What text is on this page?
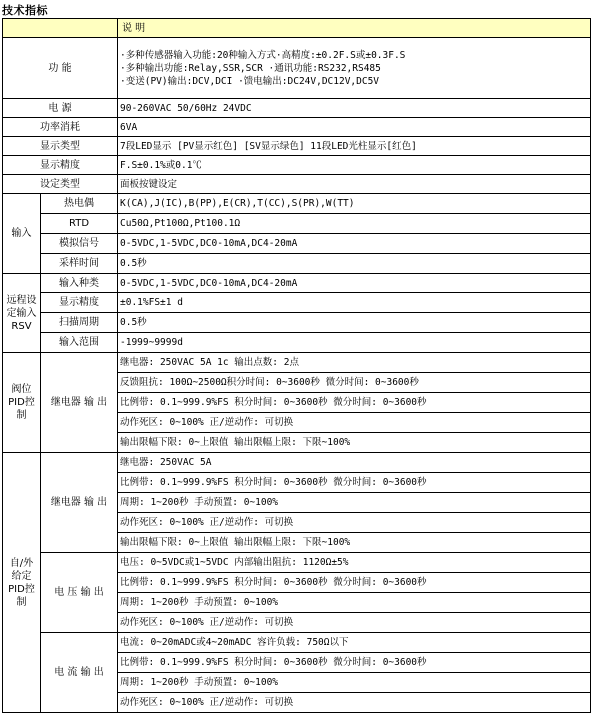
技术指标
		说 明
功 能		·多种传感器输入功能:20种输入方式·高精度:±0.2F.S或±0.3F.S
·多种输出功能:Relay,SSR,SCR ·通讯功能:RS232,RS485
·变送(PV)输出:DCV,DCI ·馈电输出:DC24V,DC12V,DC5V

电 源		90-260VAC 50/60Hz 24VDC
功率消耗		6VA
显示类型		7段LED显示 [PV显示红色] [SV显示绿色] 11段LED光柱显示[红色]
显示精度		F.S±0.1%或0.1℃
设定类型		面板按键设定
输入	热电偶	K(CA),J(IC),B(PP),E(CR),T(CC),S(PR),W(TT)
	RTD	Cu50Ω,Pt100Ω,Pt100.1Ω
	模拟信号	0-5VDC,1-5VDC,DC0-10mA,DC4-20mA
	采样时间	0.5秒
远程设定输入RSV	输入种类	0-5VDC,1-5VDC,DC0-10mA,DC4-20mA
	显示精度	±0.1%FS±1 d
	扫描周期	0.5秒
	输入范围	-1999~9999d
阀位PID控制	继电器 输 出	继电器: 250VAC 5A 1c 输出点数: 2点
		反馈阻抗: 100Ω~2500Ω积分时间: 0~3600秒 微分时间: 0~3600秒
		比例带: 0.1~999.9%FS 积分时间: 0~3600秒 微分时间: 0~3600秒
		动作死区: 0~100% 正/逆动作: 可切换
		输出限幅下限: 0~上限值 输出限幅上限: 下限~100%
自/外给定PID控制	继电器 输 出	继电器: 250VAC 5A
		比例带: 0.1~999.9%FS 积分时间: 0~3600秒 微分时间: 0~3600秒
		周期: 1~200秒 手动预置: 0~100%
		动作死区: 0~100% 正/逆动作: 可切换
		输出限幅下限: 0~上限值 输出限幅上限: 下限~100%
	电 压 输 出	电压: 0~5VDC或1~5VDC 内部输出阻抗: 1120Ω±5%
		比例带: 0.1~999.9%FS 积分时间: 0~3600秒 微分时间: 0~3600秒
		周期: 1~200秒 手动预置: 0~100%
		动作死区: 0~100% 正/逆动作: 可切换
	电 流 输 出	电流: 0~20mADC或4~20mADC 容许负载: 750Ω以下
		比例带: 0.1~999.9%FS 积分时间: 0~3600秒 微分时间: 0~3600秒
		周期: 1~200秒 手动预置: 0~100%
		动作死区: 0~100% 正/逆动作: 可切换
